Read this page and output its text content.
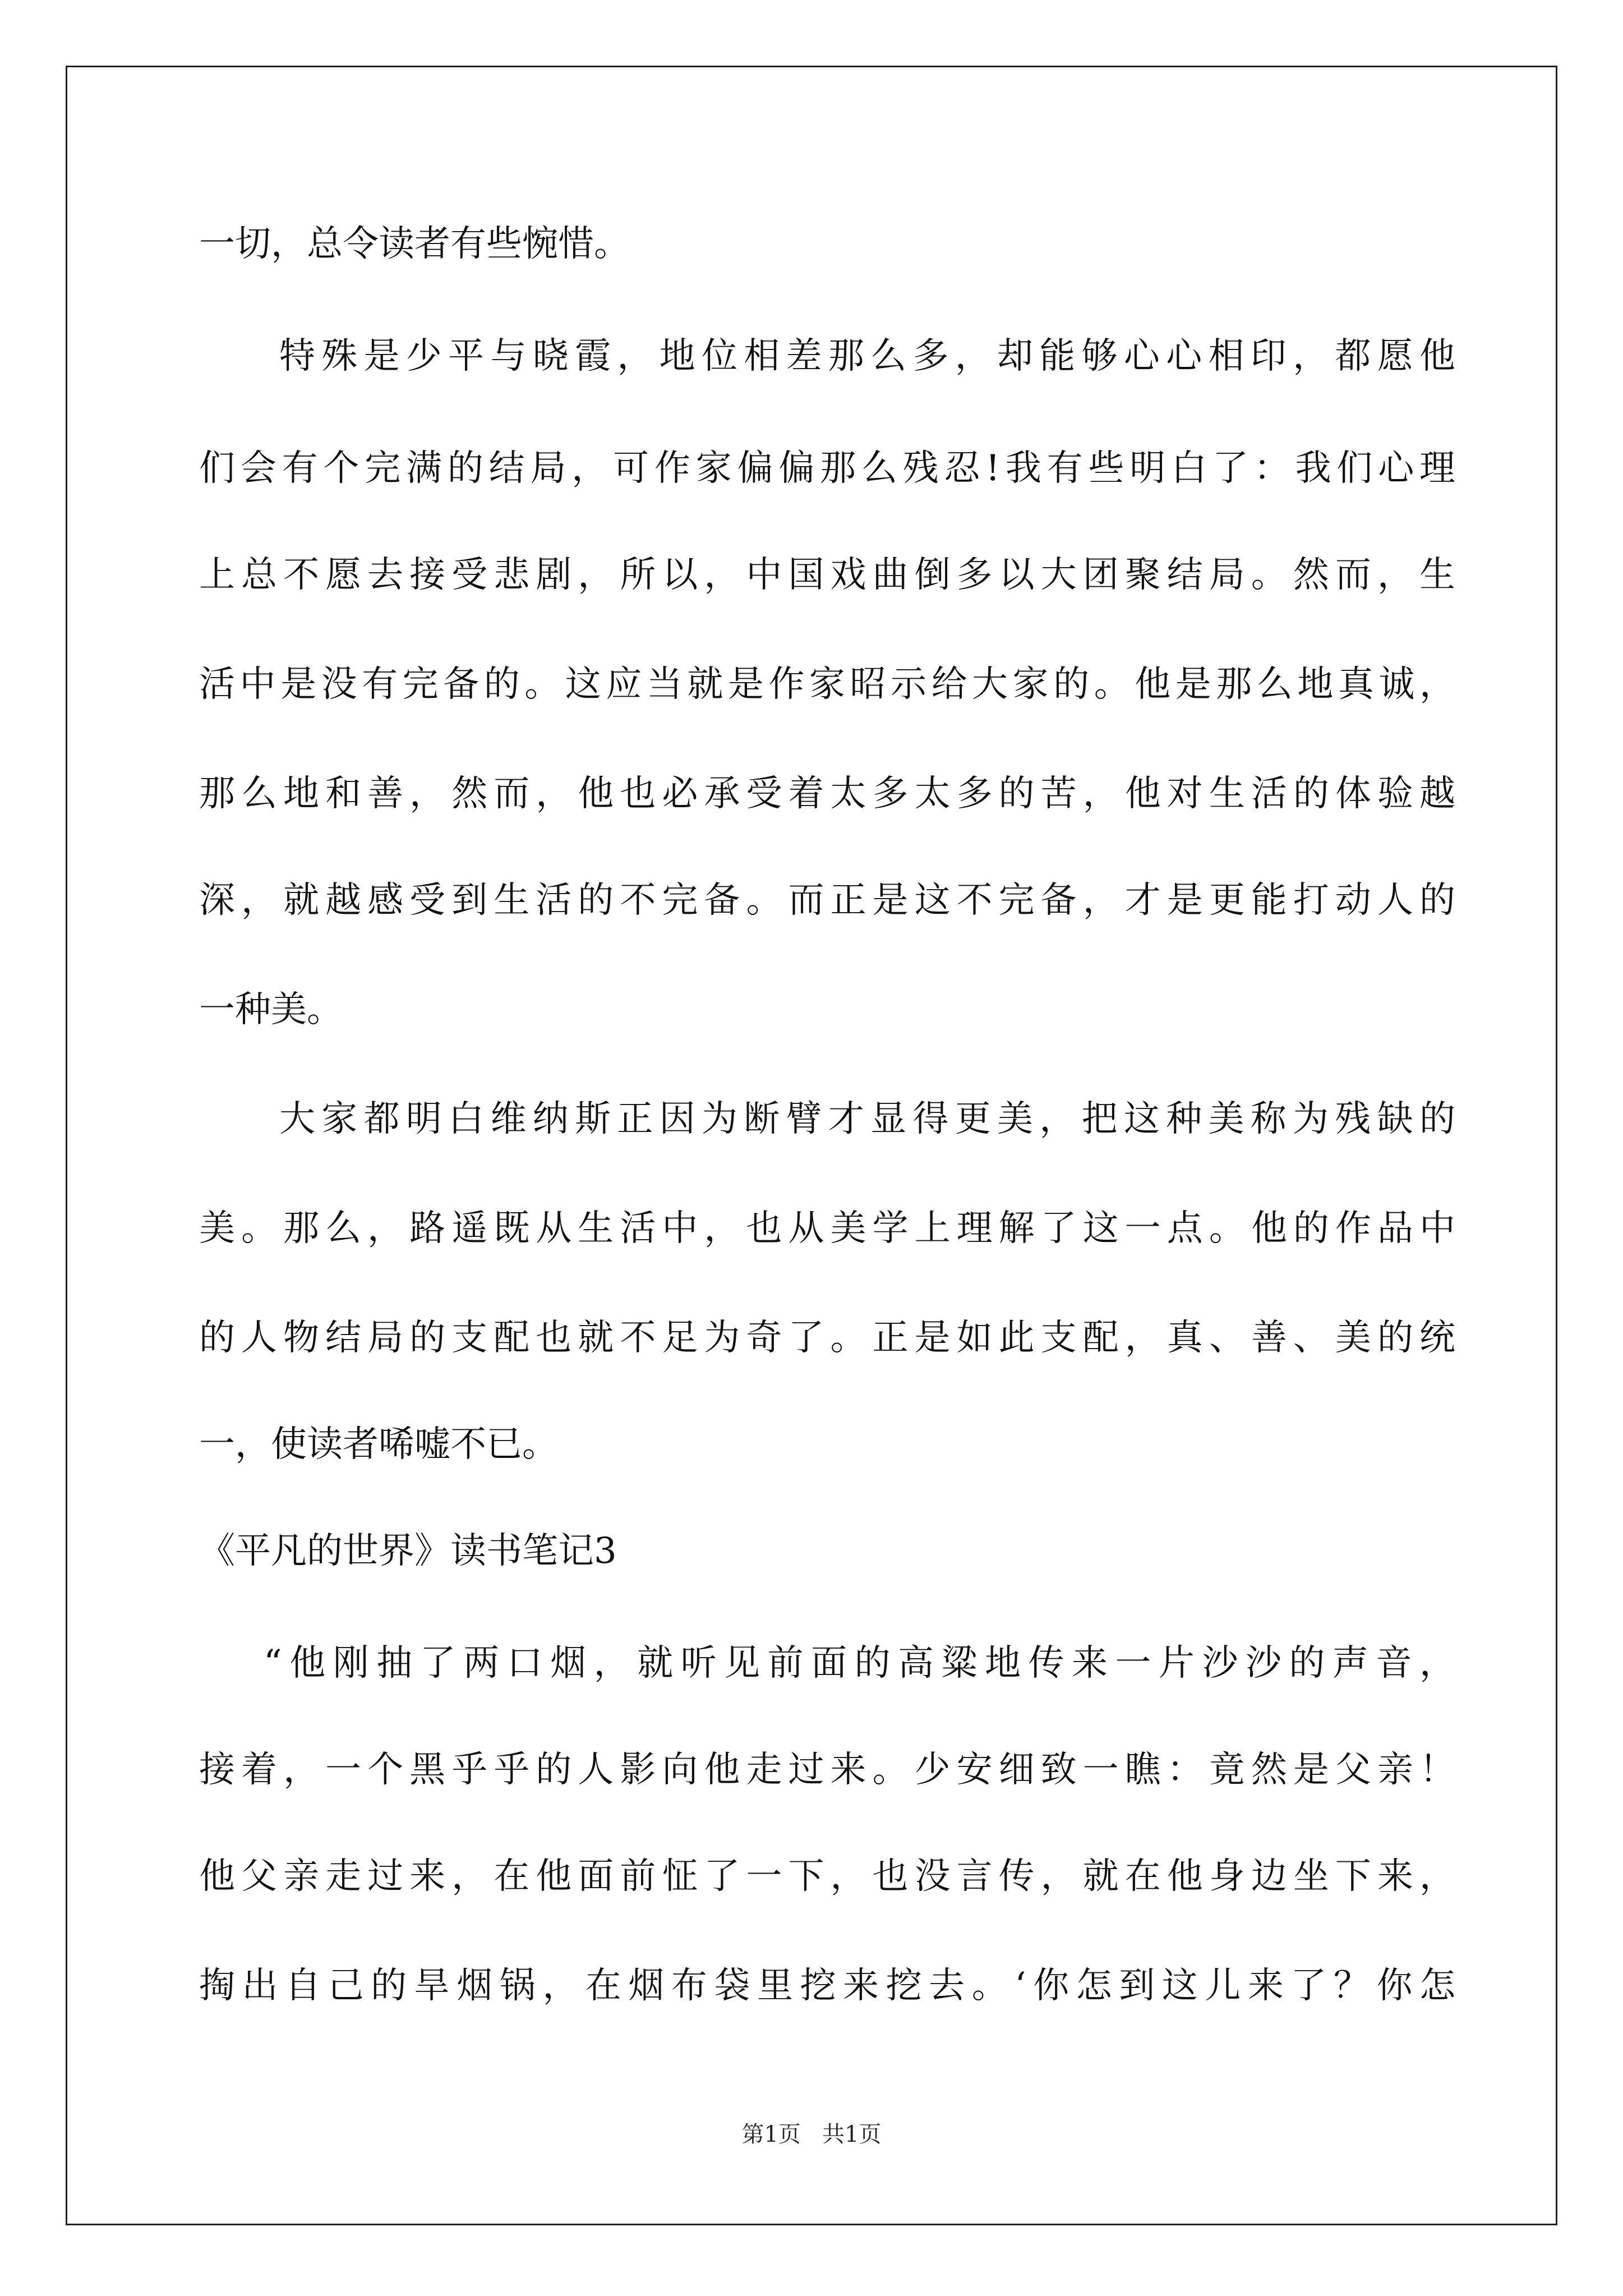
一切，总令读者有些惋惜。
特殊是少平与晓霞，地位相差那么多，却能够心心相印，都愿他
们会有个完满的结局，可作家偏偏那么残忍!我有些明白了：我们心理
上总不愿去接受悲剧，所以，中国戏曲倒多以大团聚结局。然而，生
活中是没有完备的。这应当就是作家昭示给大家的。他是那么地真诚，
那么地和善，然而，他也必承受着太多太多的苦，他对生活的体验越
深，就越感受到生活的不完备。而正是这不完备，才是更能打动人的
一种美。
大家都明白维纳斯正因为断臂才显得更美，把这种美称为残缺的
美。那么，路遥既从生活中，也从美学上理解了这一点。他的作品中
的人物结局的支配也就不足为奇了。正是如此支配，真、善、美的统
一，使读者唏嘘不已。
《平凡的世界》读书笔记3
“他刚抽了两口烟，就听见前面的高粱地传来一片沙沙的声音，
接着，一个黑乎乎的人影向他走过来。少安细致一瞧：竟然是父亲！
他父亲走过来，在他面前怔了一下，也没言传，就在他身边坐下来，
掏出自己的旱烟锅，在烟布袋里挖来挖去。‘你怎到这儿来了？你怎
第1页   共1页
